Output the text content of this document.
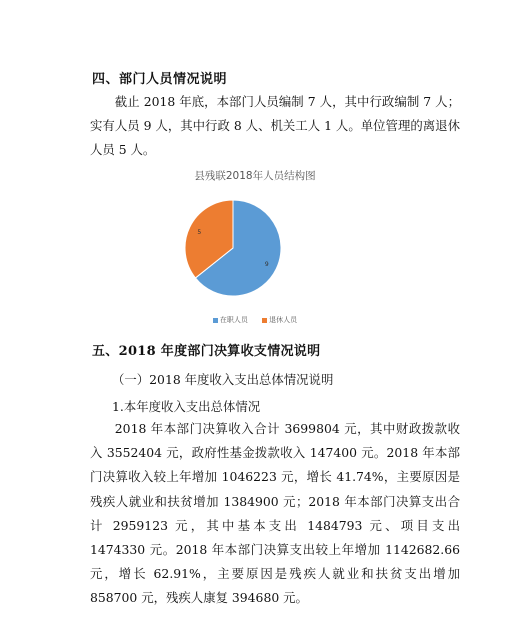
四、部门人员情况说明
截止 2018 年底，本部门人员编制 7 人，其中行政编制 7 人；实有人员 9 人，其中行政 8 人、机关工人 1 人。单位管理的离退休人员 5 人。
9
5
县残联2018年人员结构图
在职人员	退休人员
五、2018 年度部门决算收支情况说明
（一）2018 年度收入支出总体情况说明
1.本年度收入支出总体情况
2018 年本部门决算收入合计 3699804 元，其中财政拨款收入 3552404 元，政府性基金拨款收入 147400 元。2018 年本部门决算收入较上年增加 1046223 元，增长 41.74%，主要原因是残疾人就业和扶贫增加 1384900 元；2018 年本部门决算支出合计 2959123 元，其中基本支出 1484793 元、项目支出 1474330 元。2018 年本部门决算支出较上年增加 1142682.66 元，增长 62.91%，主要原因是残疾人就业和扶贫支出增加 858700 元，残疾人康复 394680 元。
